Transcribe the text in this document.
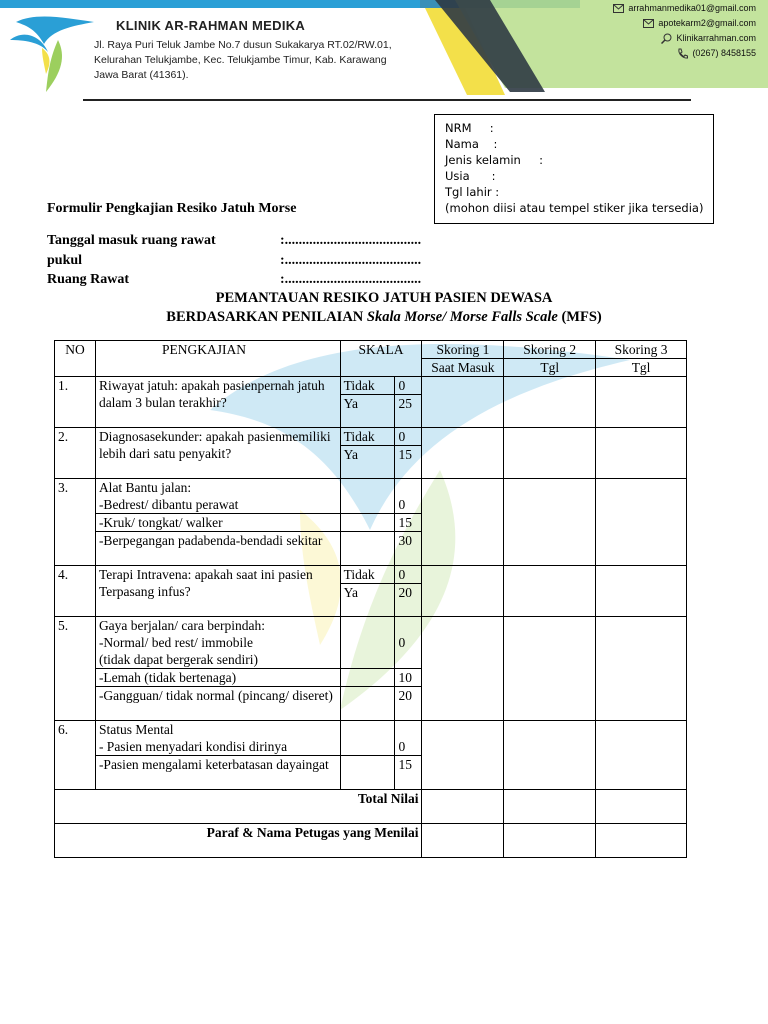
KLINIK AR-RAHMAN MEDIKA
Jl. Raya Puri Teluk Jambe No.7 dusun Sukakarya RT.02/RW.01,
Kelurahan Telukjambe, Kec. Telukjambe Timur, Kab. Karawang
Jawa Barat (41361).
arrahmanmedika01@gmail.com
apotekarm2@gmail.com
Klinikarrahman.com
(0267) 8458155
NRM     :
Nama    :
Jenis kelamin     :
Usia      :
Tgl lahir :
(mohon diisi atau tempel stiker jika tersedia)
Formulir Pengkajian Resiko Jatuh Morse
Tanggal masuk ruang rawat	:.......................................
pukul	:.......................................
Ruang Rawat	:.......................................
PEMANTAUAN RESIKO JATUH PASIEN DEWASA
BERDASARKAN PENILAIAN Skala Morse/ Morse Falls Scale (MFS)
NO	PENGKAJIAN	SKALA		Skoring 1	Skoring 2	Skoring 3
				Saat Masuk	Tgl	Tgl
1.	Riwayat jatuh: apakah pasienpernah jatuh
dalam 3 bulan terakhir?	Tidak	0			
		Ya	25			
2.	Diagnosasekunder: apakah pasienmemiliki
lebih dari satu penyakit?	Tidak	0			
		Ya	15			
3.	Alat Bantu jalan:
-Bedrest/ dibantu perawat		0			
	-Kruk/ tongkat/ walker		15			
	-Berpegangan padabenda-bendadi sekitar		30			
4.	Terapi Intravena: apakah saat ini pasien
Terpasang infus?	Tidak	0			
		Ya	20			
5.	Gaya berjalan/ cara berpindah:
-Normal/ bed rest/ immobile
(tidak dapat bergerak sendiri)		0			
	-Lemah (tidak bertenaga)		10			
	-Gangguan/ tidak normal (pincang/ diseret)		20			
6.	Status Mental
- Pasien menyadari kondisi dirinya		0			
	-Pasien mengalami keterbatasan dayaingat		15			
Total Nilai						
Paraf & Nama Petugas yang Menilai						
